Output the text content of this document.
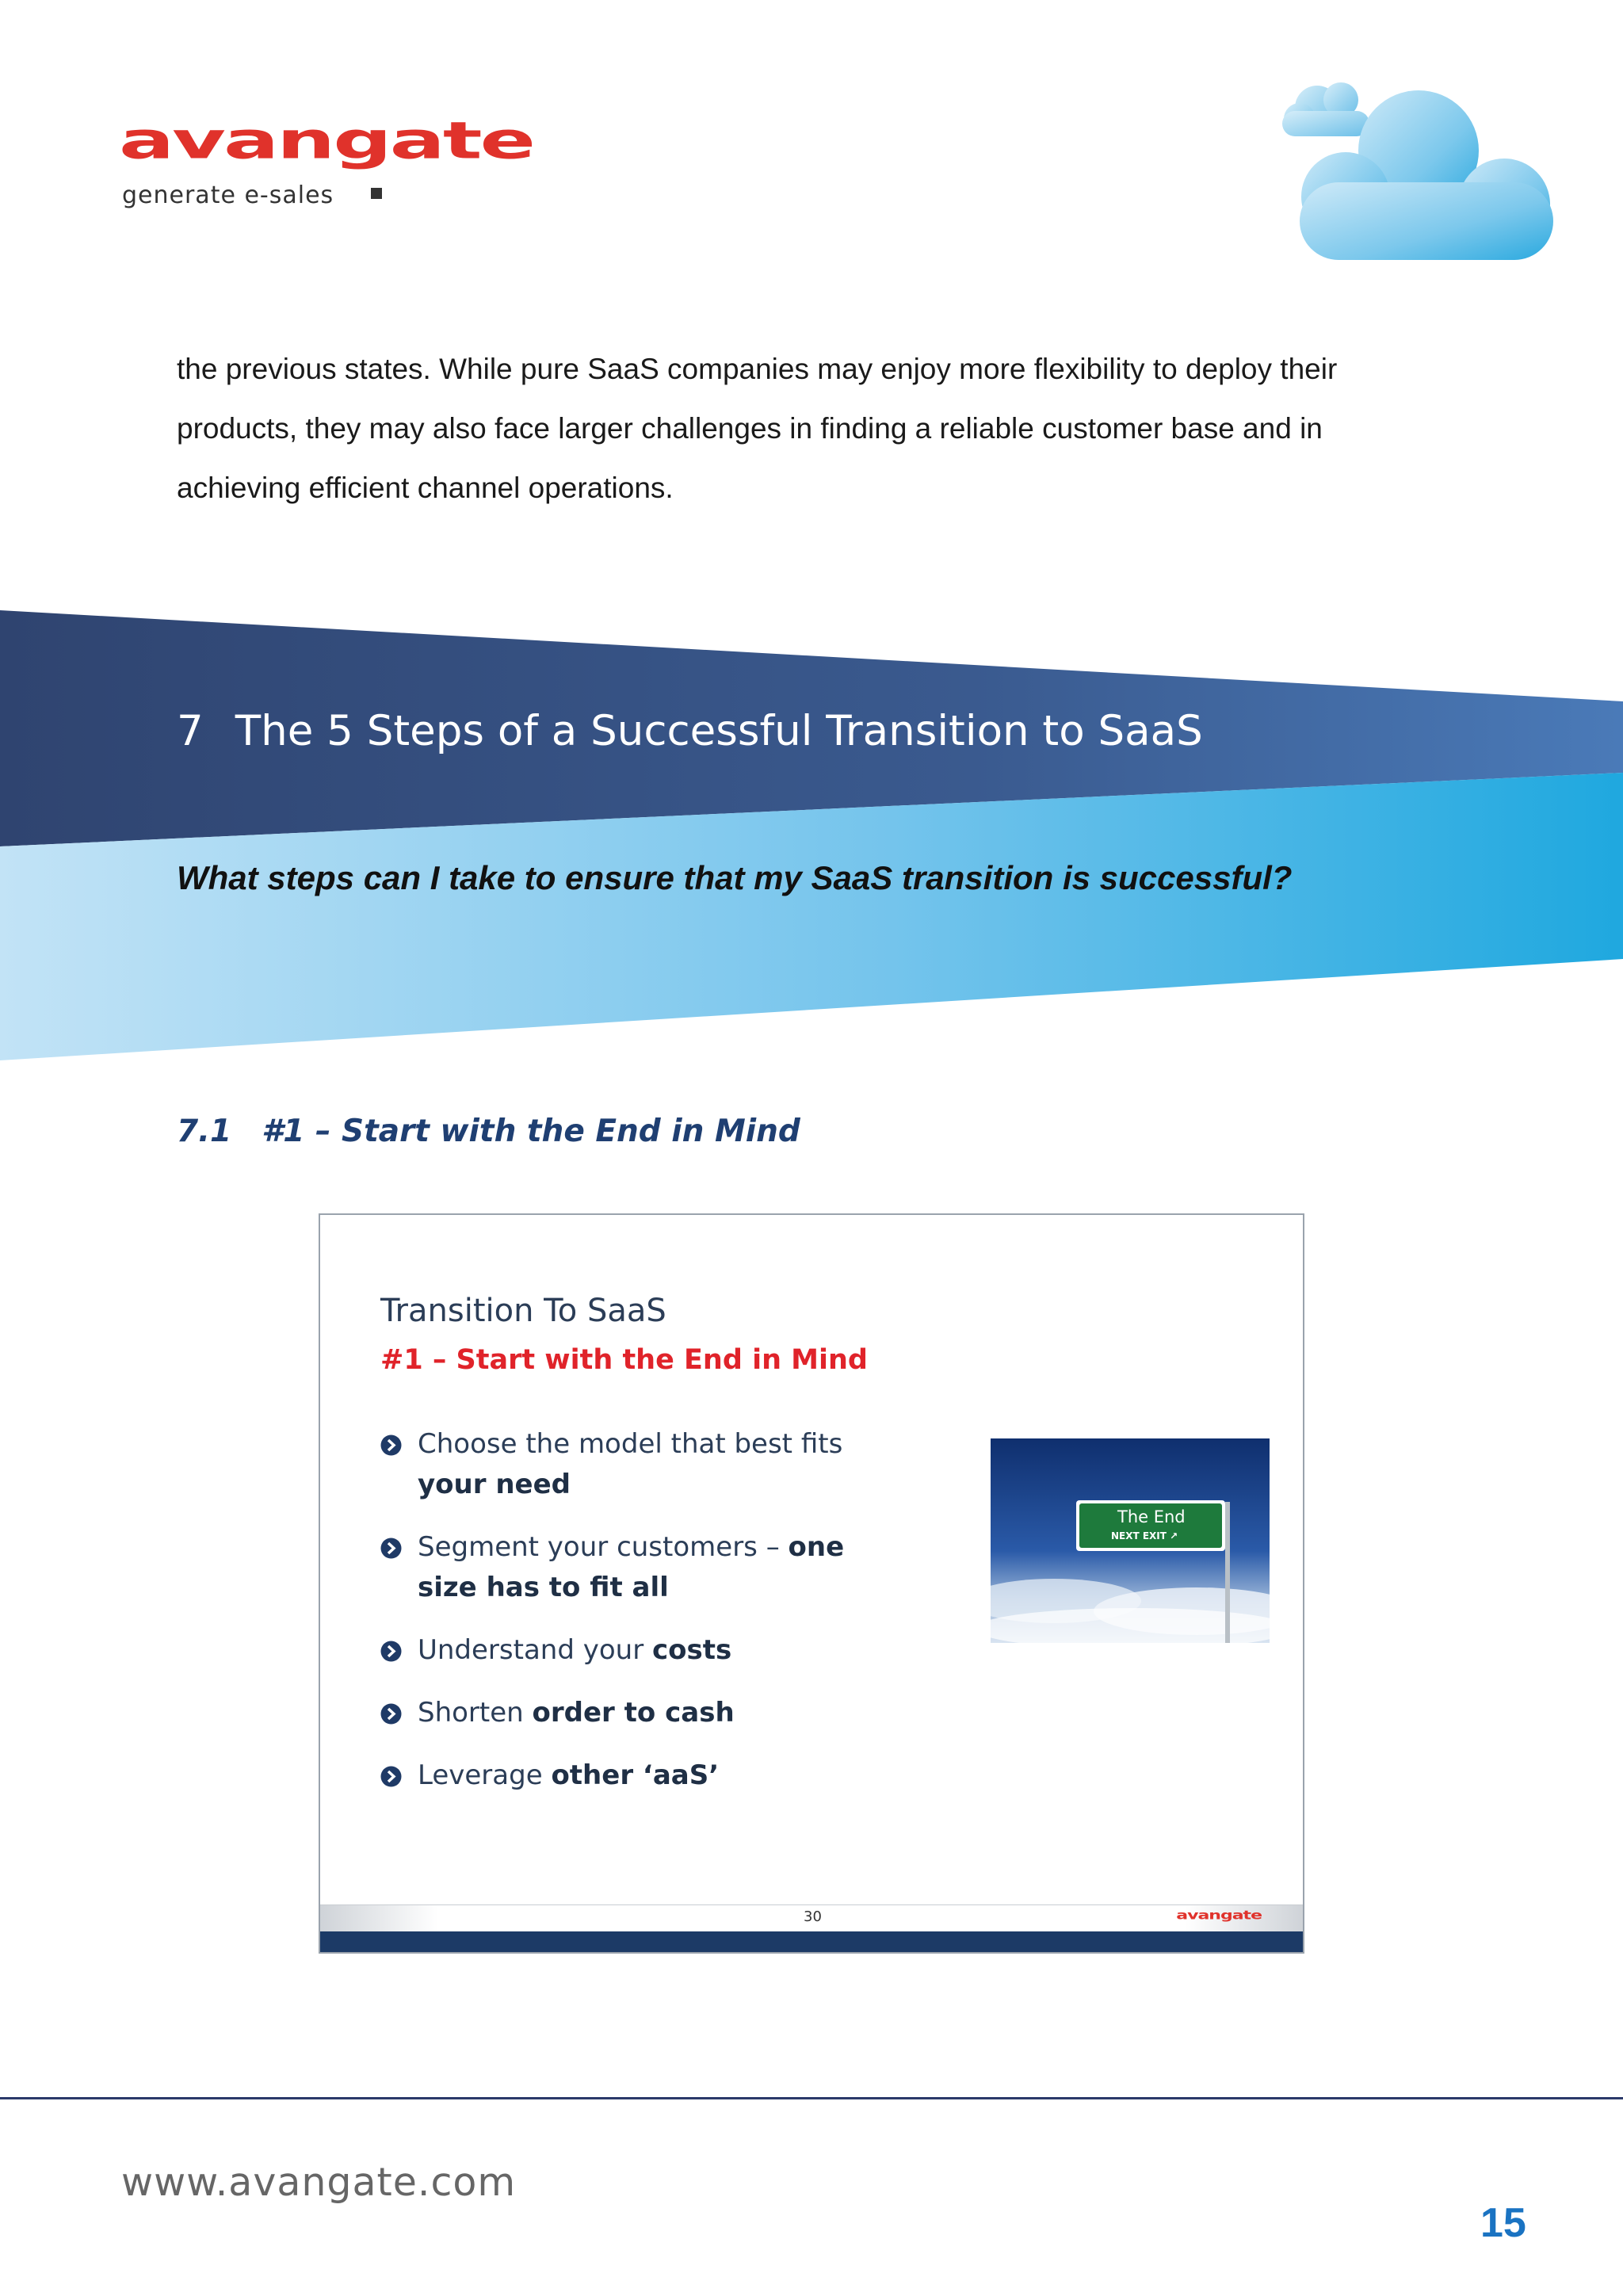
avangate
generate e-sales

the previous states. While pure SaaS companies may enjoy more flexibility to deploy their products, they may also face larger challenges in finding a reliable customer base and in achieving efficient channel operations.

7 The 5 Steps of a Successful Transition to SaaS

What steps can I take to ensure that my SaaS transition is successful?

7.1 #1 – Start with the End in Mind
Transition To SaaS
#1 – Start with the End in Mind
Choose the model that best fits your need
Segment your customers – one size has to fit all
Understand your costs
Shorten order to cash
Leverage other ‘aaS’
The End
NEXT EXIT ↗
30	avangate
www.avangate.com
15
